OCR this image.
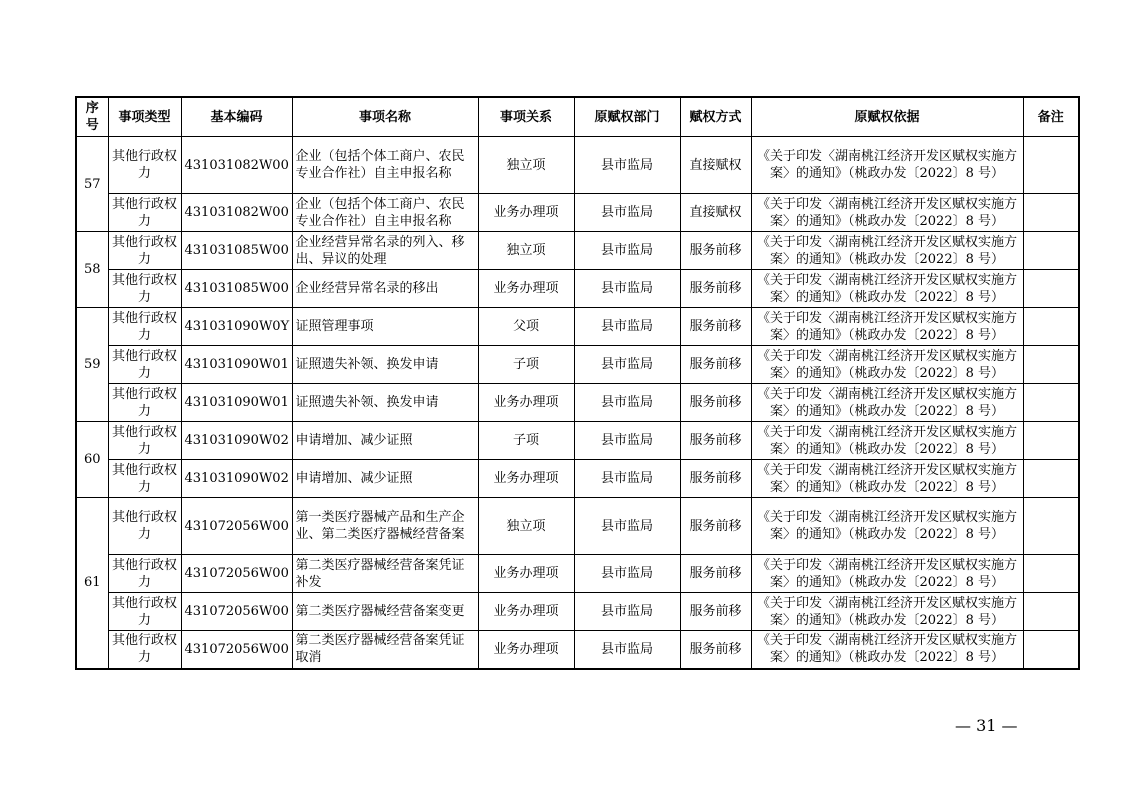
序号	事项类型	基本编码	事项名称	事项关系	原赋权部门	赋权方式	原赋权依据	备注
57	其他行政权力	431031082W00	企业（包括个体工商户、农民专业合作社）自主申报名称	独立项	县市监局	直接赋权	《关于印发〈湖南桃江经济开发区赋权实施方案〉的通知》（桃政办发〔2022〕8 号）	
	其他行政权力	431031082W00	企业（包括个体工商户、农民专业合作社）自主申报名称	业务办理项	县市监局	直接赋权	《关于印发〈湖南桃江经济开发区赋权实施方案〉的通知》（桃政办发〔2022〕8 号）	
58	其他行政权力	431031085W00	企业经营异常名录的列入、移出、异议的处理	独立项	县市监局	服务前移	《关于印发〈湖南桃江经济开发区赋权实施方案〉的通知》（桃政办发〔2022〕8 号）	
	其他行政权力	431031085W00	企业经营异常名录的移出	业务办理项	县市监局	服务前移	《关于印发〈湖南桃江经济开发区赋权实施方案〉的通知》（桃政办发〔2022〕8 号）	
59	其他行政权力	431031090W0Y	证照管理事项	父项	县市监局	服务前移	《关于印发〈湖南桃江经济开发区赋权实施方案〉的通知》（桃政办发〔2022〕8 号）	
	其他行政权力	431031090W01	证照遗失补领、换发申请	子项	县市监局	服务前移	《关于印发〈湖南桃江经济开发区赋权实施方案〉的通知》（桃政办发〔2022〕8 号）	
	其他行政权力	431031090W01	证照遗失补领、换发申请	业务办理项	县市监局	服务前移	《关于印发〈湖南桃江经济开发区赋权实施方案〉的通知》（桃政办发〔2022〕8 号）	
60	其他行政权力	431031090W02	申请增加、减少证照	子项	县市监局	服务前移	《关于印发〈湖南桃江经济开发区赋权实施方案〉的通知》（桃政办发〔2022〕8 号）	
	其他行政权力	431031090W02	申请增加、减少证照	业务办理项	县市监局	服务前移	《关于印发〈湖南桃江经济开发区赋权实施方案〉的通知》（桃政办发〔2022〕8 号）	
61	其他行政权力	431072056W00	第一类医疗器械产品和生产企业、第二类医疗器械经营备案	独立项	县市监局	服务前移	《关于印发〈湖南桃江经济开发区赋权实施方案〉的通知》（桃政办发〔2022〕8 号）	
	其他行政权力	431072056W00	第二类医疗器械经营备案凭证补发	业务办理项	县市监局	服务前移	《关于印发〈湖南桃江经济开发区赋权实施方案〉的通知》（桃政办发〔2022〕8 号）	
	其他行政权力	431072056W00	第二类医疗器械经营备案变更	业务办理项	县市监局	服务前移	《关于印发〈湖南桃江经济开发区赋权实施方案〉的通知》（桃政办发〔2022〕8 号）	
	其他行政权力	431072056W00	第二类医疗器械经营备案凭证取消	业务办理项	县市监局	服务前移	《关于印发〈湖南桃江经济开发区赋权实施方案〉的通知》（桃政办发〔2022〕8 号）	
— 31 —
